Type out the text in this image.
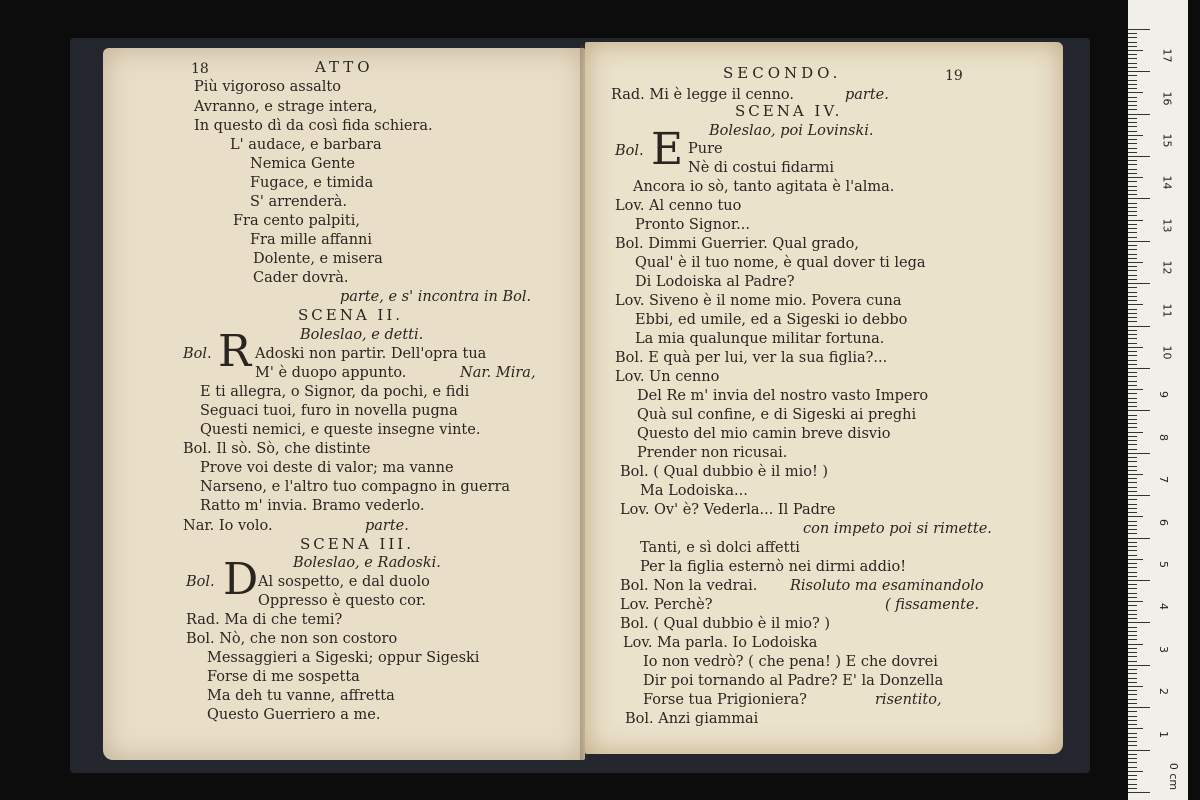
18	ATTO
Più vigoroso assalto
Avranno, e strage intera,
In questo dì da così fida schiera.
L' audace, e barbara
Nemica Gente
Fugace, e timida
S' arrenderà.
Fra cento palpiti,
Fra mille affanni
Dolente, e misera
Cader dovrà.
parte, e s' incontra in Bol.
SCENA II.
Boleslao, e detti.
Bol. R Adoski non partir. Dell'opra tua
M' è duopo appunto.	Nar. Mira,
E ti allegra, o Signor, da pochi, e fidi
Seguaci tuoi, furo in novella pugna
Questi nemici, e queste insegne vinte.
Bol. Il sò. Sò, che distinte
Prove voi deste di valor; ma vanne
Narseno, e l'altro tuo compagno in guerra
Ratto m' invia. Bramo vederlo.
Nar. Io volo.	parte.
SCENA III.
Boleslao, e Radoski.
Bol. D Al sospetto, e dal duolo
Oppresso è questo cor.
Rad. Ma di che temi?
Bol. Nò, che non son costoro
Messaggieri a Sigeski; oppur Sigeski
Forse di me sospetta
Ma deh tu vanne, affretta
Questo Guerriero a me.
SECONDO.	19
Rad. Mi è legge il cenno.	parte.
SCENA IV.
Boleslao, poi Lovinski.
Bol. E Pure
Nè di costui fidarmi
Ancora io sò, tanto agitata è l'alma.
Lov. Al cenno tuo
Pronto Signor...
Bol. Dimmi Guerrier. Qual grado,
Qual' è il tuo nome, è qual dover ti lega
Di Lodoiska al Padre?
Lov. Siveno è il nome mio. Povera cuna
Ebbi, ed umile, ed a Sigeski io debbo
La mia qualunque militar fortuna.
Bol. E quà per lui, ver la sua figlia?...
Lov. Un cenno
Del Re m' invia del nostro vasto Impero
Quà sul confine, e di Sigeski ai preghi
Questo del mio camin breve disvio
Prender non ricusai.
Bol. ( Qual dubbio è il mio! )
Ma Lodoiska...
Lov. Ov' è? Vederla... Il Padre
con impeto poi si rimette.
Tanti, e sì dolci affetti
Per la figlia esternò nei dirmi addio!
Bol. Non la vedrai. Risoluto ma esaminandolo
Lov. Perchè?	( fissamente.
Bol. ( Qual dubbio è il mio? )
Lov. Ma parla. Io Lodoiska
Io non vedrò? ( che pena! ) E che dovrei
Dir poi tornando al Padre? E' la Donzella
Forse tua Prigioniera?	risentito,
Bol. Anzi giammai
0 cm
1
2
3
4
5
6
7
8
9
10
11
12
13
14
15
16
17
